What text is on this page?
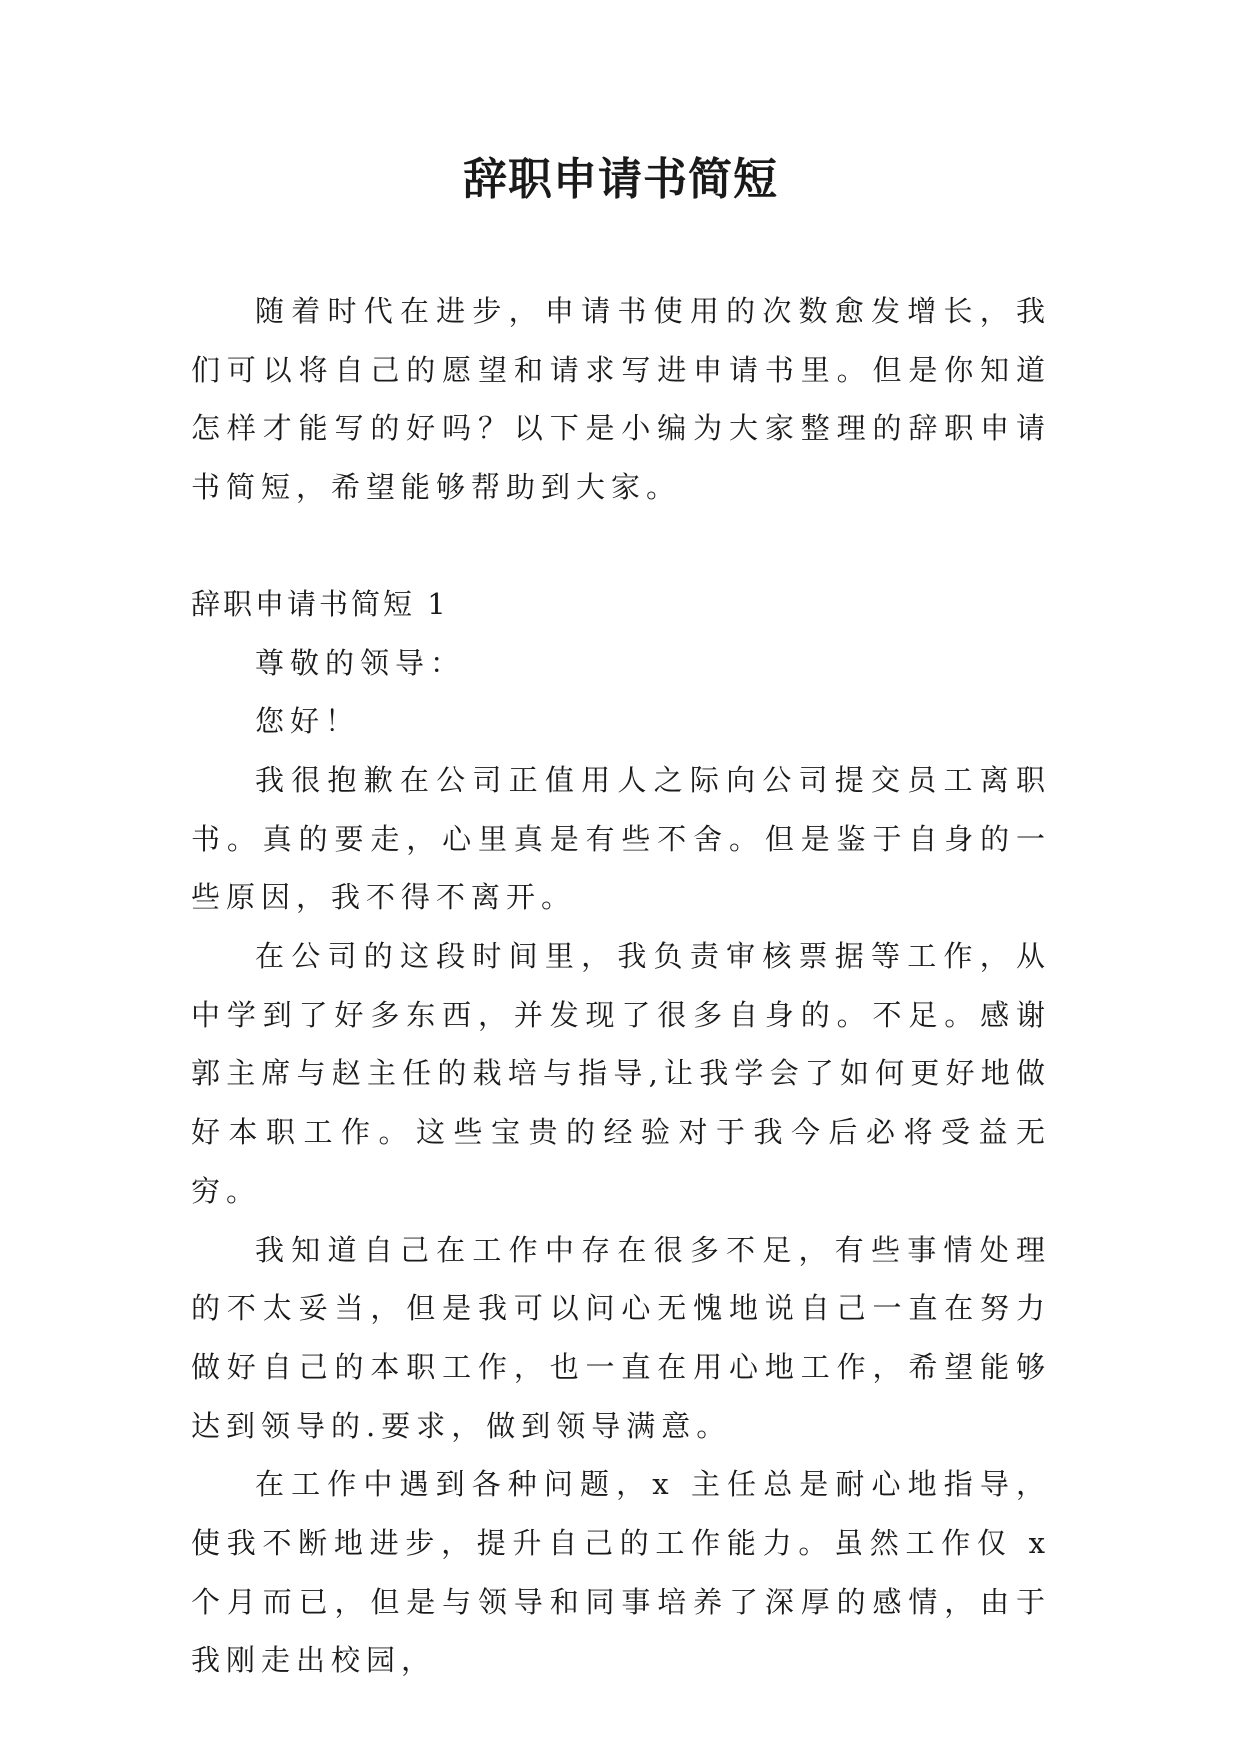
辞职申请书简短

随着时代在进步，申请书使用的次数愈发增长，我们可以将自己的愿望和请求写进申请书里。但是你知道怎样才能写的好吗？以下是小编为大家整理的辞职申请书简短，希望能够帮助到大家。

辞职申请书简短 1

尊敬的领导：

您好！

我很抱歉在公司正值用人之际向公司提交员工离职书。真的要走，心里真是有些不舍。但是鉴于自身的一些原因，我不得不离开。

在公司的这段时间里，我负责审核票据等工作，从中学到了好多东西，并发现了很多自身的。不足。感谢郭主席与赵主任的栽培与指导,让我学会了如何更好地做好本职工作。这些宝贵的经验对于我今后必将受益无穷。

我知道自己在工作中存在很多不足，有些事情处理的不太妥当，但是我可以问心无愧地说自己一直在努力做好自己的本职工作，也一直在用心地工作，希望能够达到领导的.要求，做到领导满意。

在工作中遇到各种问题，x 主任总是耐心地指导，使我不断地进步，提升自己的工作能力。虽然工作仅 x 个月而已，但是与领导和同事培养了深厚的感情，由于我刚走出校园，
